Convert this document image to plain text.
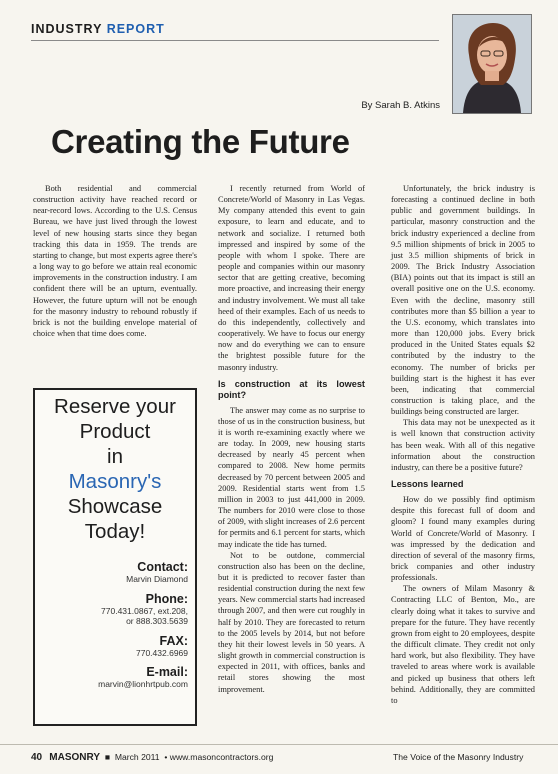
INDUSTRY REPORT
By Sarah B. Atkins
Creating the Future

Both residential and commercial construction activity have reached record or near-record lows. According to the U.S. Census Bureau, we have just lived through the lowest level of new housing starts since they began tracking this data in 1959. The trends are starting to change, but most experts agree there's a long way to go before we attain real economic improvements in the construction industry. I am confident there will be an upturn, eventually. However, the future upturn will not be enough for the masonry industry to rebound robustly if brick is not the building envelope material of choice when that time does come.

Reserve your
Product
in
Masonry's
Showcase
Today!
Contact:
Marvin Diamond
Phone:
770.431.0867, ext.208,
or 888.303.5639
FAX:
770.432.6969
E-mail:
marvin@lionhrtpub.com

I recently returned from World of Concrete/World of Masonry in Las Vegas. My company attended this event to gain exposure, to learn and educate, and to network and socialize. I returned both impressed and inspired by some of the people with whom I spoke. There are people and companies within our masonry sector that are getting creative, becoming more proactive, and increasing their energy and industry involvement. We must all take heed of their examples. Each of us needs to do this independently, collectively and cooperatively. We have to focus our energy now and do everything we can to ensure the brightest possible future for the masonry industry.

Is construction at its lowest point?

The answer may come as no surprise to those of us in the construction business, but it is worth re-examining exactly where we are today. In 2009, new housing starts decreased by nearly 45 percent when compared to 2008. New home permits decreased by 70 percent between 2005 and 2009. Residential starts went from 1.5 million in 2003 to just 441,000 in 2009. The numbers for 2010 were close to those of 2009, with slight increases of 2.6 percent for permits and 6.1 percent for starts, which may indicate the tide has turned.

Not to be outdone, commercial construction also has been on the decline, but it is predicted to recover faster than residential construction during the next few years. New commercial starts had increased through 2007, and then were cut roughly in half by 2010. They are forecasted to return to the 2005 levels by 2014, but not before they hit their lowest levels in 50 years. A slight growth in commercial construction is expected in 2011, with offices, banks and retail stores showing the most improvement.

Unfortunately, the brick industry is forecasting a continued decline in both public and government buildings. In particular, masonry construction and the brick industry experienced a decline from 9.5 million shipments of brick in 2005 to just 3.5 million shipments of brick in 2009. The Brick Industry Association (BIA) points out that its impact is still an overall positive one on the U.S. economy. Even with the decline, masonry still contributes more than $5 billion a year to the U.S. economy, which translates into more than 120,000 jobs. Every brick produced in the United States equals $2 contributed by the industry to the economy. The number of bricks per building start is the highest it has ever been, indicating that commercial construction is taking place, and the buildings being constructed are larger.

This data may not be unexpected as it is well known that construction activity has been weak. With all of this negative information about the construction industry, can there be a positive future?

Lessons learned

How do we possibly find optimism despite this forecast full of doom and gloom? I found many examples during World of Concrete/World of Masonry. I was impressed by the dedication and direction of several of the masonry firms, brick companies and other industry professionals.

The owners of Milam Masonry & Contracting LLC of Benton, Mo., are clearly doing what it takes to survive and prepare for the future. They have recently grown from eight to 20 employees, despite the difficult climate. They credit not only hard work, but also flexibility. They have traveled to areas where work is available and picked up business that others left behind. Additionally, they are committed to

40 MASONRY ■ March 2011 • www.masoncontractors.org	The Voice of the Masonry Industry
